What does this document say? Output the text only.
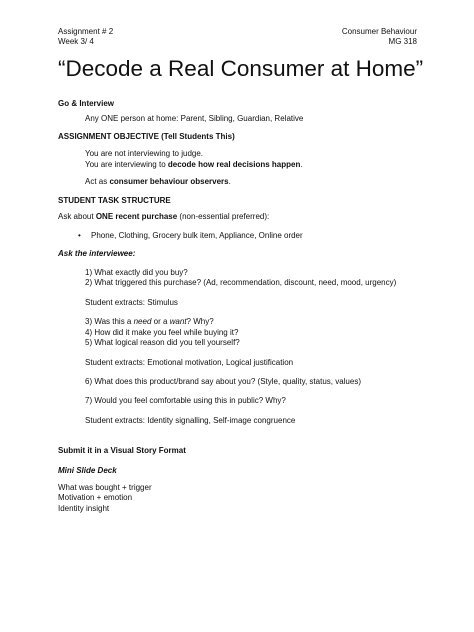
Assignment # 2
Week 3/ 4
Consumer Behaviour
MG 318
“Decode a Real Consumer at Home”

Go & Interview

Any ONE person at home: Parent, Sibling, Guardian, Relative

ASSIGNMENT OBJECTIVE (Tell Students This)

You are not interviewing to judge.

You are interviewing to decode how real decisions happen.

Act as consumer behaviour observers.

STUDENT TASK STRUCTURE

Ask about ONE recent purchase (non-essential preferred):

•	Phone, Clothing, Grocery bulk item, Appliance, Online order

Ask the interviewee:

1) What exactly did you buy?

2) What triggered this purchase? (Ad, recommendation, discount, need, mood, urgency)

Student extracts: Stimulus

3) Was this a need or a want? Why?

4) How did it make you feel while buying it?

5) What logical reason did you tell yourself?

Student extracts: Emotional motivation, Logical justification

6) What does this product/brand say about you? (Style, quality, status, values)

7) Would you feel comfortable using this in public? Why?

Student extracts: Identity signalling, Self-image congruence

Submit it in a Visual Story Format

Mini Slide Deck

What was bought + trigger

Motivation + emotion

Identity insight
